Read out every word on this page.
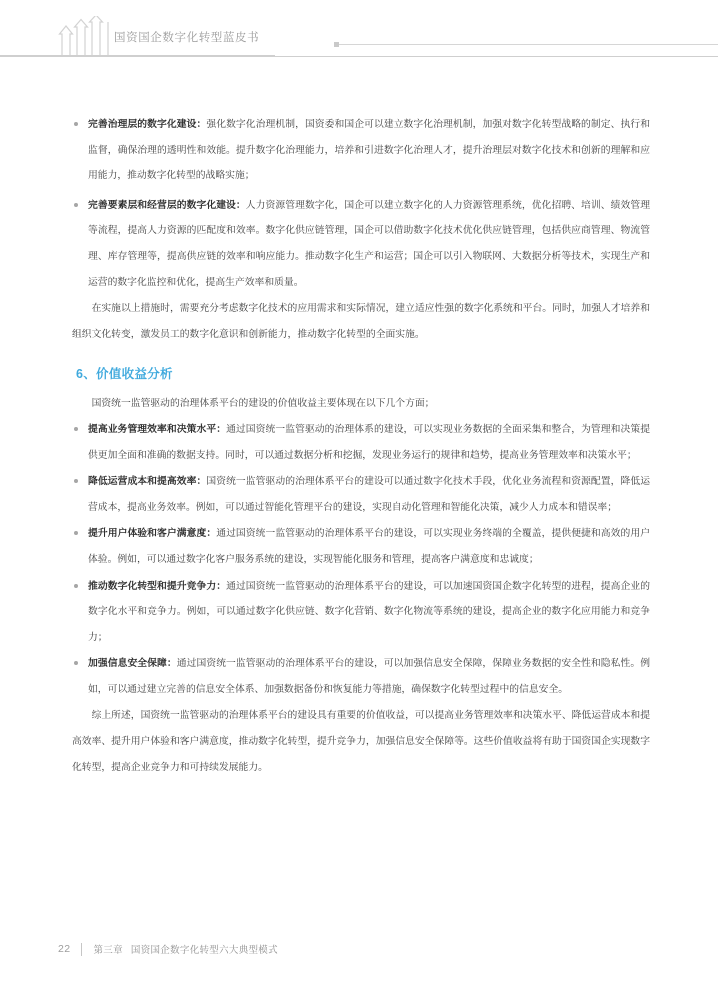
国资国企数字化转型蓝皮书

完善治理层的数字化建设：强化数字化治理机制，国资委和国企可以建立数字化治理机制，加强对数字化转型战略的制定、执行和监督，确保治理的透明性和效能。提升数字化治理能力，培养和引进数字化治理人才，提升治理层对数字化技术和创新的理解和应用能力，推动数字化转型的战略实施；

完善要素层和经营层的数字化建设：人力资源管理数字化，国企可以建立数字化的人力资源管理系统，优化招聘、培训、绩效管理等流程，提高人力资源的匹配度和效率。数字化供应链管理，国企可以借助数字化技术优化供应链管理，包括供应商管理、物流管理、库存管理等，提高供应链的效率和响应能力。推动数字化生产和运营；国企可以引入物联网、大数据分析等技术，实现生产和运营的数字化监控和优化，提高生产效率和质量。

在实施以上措施时，需要充分考虑数字化技术的应用需求和实际情况，建立适应性强的数字化系统和平台。同时，加强人才培养和组织文化转变，激发员工的数字化意识和创新能力，推动数字化转型的全面实施。

6、价值收益分析

国资统一监管驱动的治理体系平台的建设的价值收益主要体现在以下几个方面；

提高业务管理效率和决策水平：通过国资统一监管驱动的治理体系的建设，可以实现业务数据的全面采集和整合，为管理和决策提供更加全面和准确的数据支持。同时，可以通过数据分析和挖掘，发现业务运行的规律和趋势，提高业务管理效率和决策水平；

降低运营成本和提高效率：国资统一监管驱动的治理体系平台的建设可以通过数字化技术手段，优化业务流程和资源配置，降低运营成本，提高业务效率。例如，可以通过智能化管理平台的建设，实现自动化管理和智能化决策，减少人力成本和错误率；

提升用户体验和客户满意度：通过国资统一监管驱动的治理体系平台的建设，可以实现业务终端的全覆盖，提供便捷和高效的用户体验。例如，可以通过数字化客户服务系统的建设，实现智能化服务和管理，提高客户满意度和忠诚度；

推动数字化转型和提升竞争力：通过国资统一监管驱动的治理体系平台的建设，可以加速国资国企数字化转型的进程，提高企业的数字化水平和竞争力。例如，可以通过数字化供应链、数字化营销、数字化物流等系统的建设，提高企业的数字化应用能力和竞争力；

加强信息安全保障：通过国资统一监管驱动的治理体系平台的建设，可以加强信息安全保障，保障业务数据的安全性和隐私性。例如，可以通过建立完善的信息安全体系、加强数据备份和恢复能力等措施，确保数字化转型过程中的信息安全。

综上所述，国资统一监管驱动的治理体系平台的建设具有重要的价值收益，可以提高业务管理效率和决策水平、降低运营成本和提高效率、提升用户体验和客户满意度，推动数字化转型，提升竞争力，加强信息安全保障等。这些价值收益将有助于国资国企实现数字化转型，提高企业竞争力和可持续发展能力。

22 第三章 国资国企数字化转型六大典型模式
